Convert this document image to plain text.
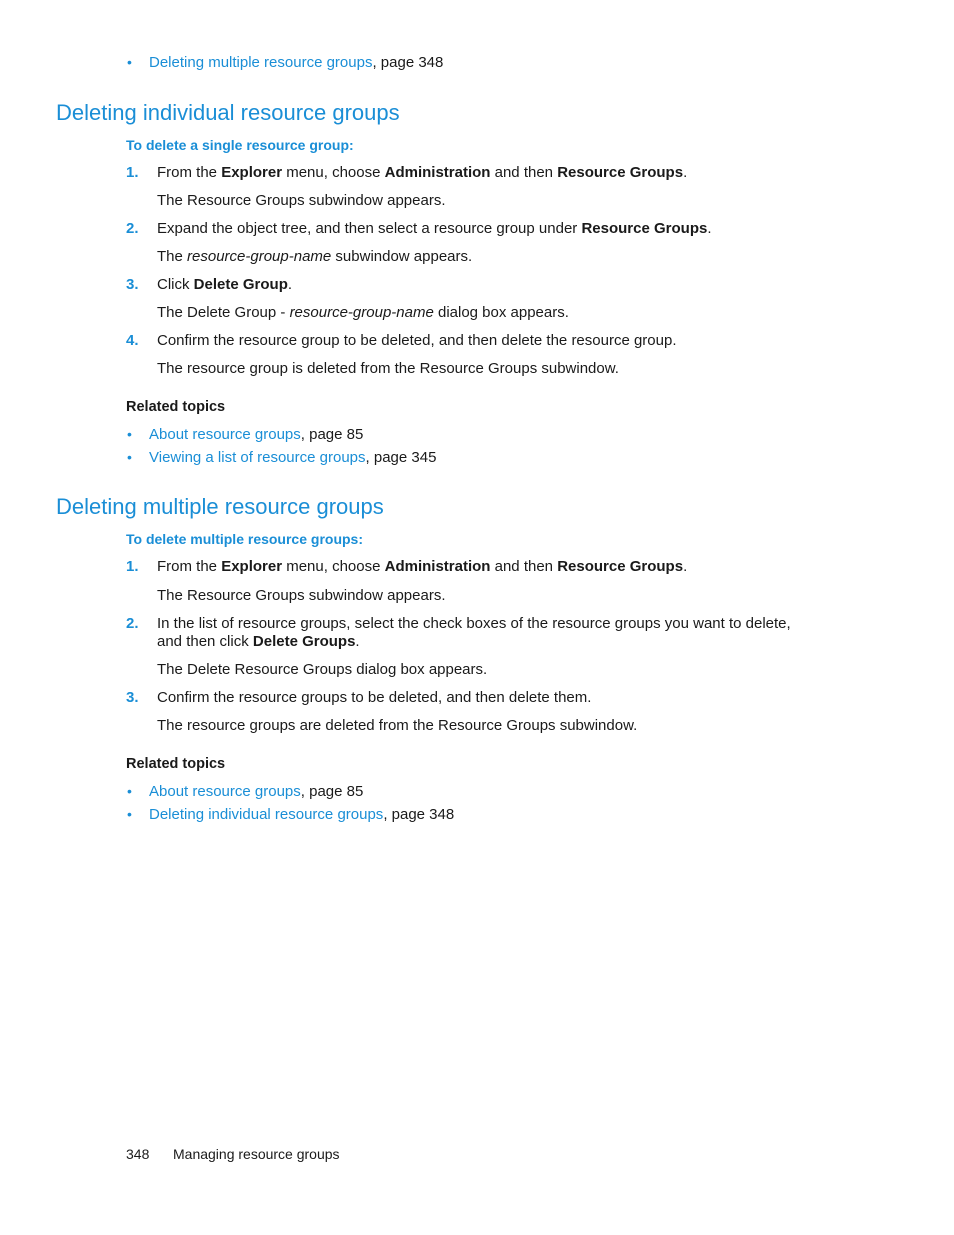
• Deleting multiple resource groups, page 348
Deleting individual resource groups
To delete a single resource group:
1. From the Explorer menu, choose Administration and then Resource Groups.
The Resource Groups subwindow appears.
2. Expand the object tree, and then select a resource group under Resource Groups.
The resource-group-name subwindow appears.
3. Click Delete Group.
The Delete Group - resource-group-name dialog box appears.
4. Confirm the resource group to be deleted, and then delete the resource group.
The resource group is deleted from the Resource Groups subwindow.
Related topics
• About resource groups, page 85
• Viewing a list of resource groups, page 345
Deleting multiple resource groups
To delete multiple resource groups:
1. From the Explorer menu, choose Administration and then Resource Groups.
The Resource Groups subwindow appears.
2. In the list of resource groups, select the check boxes of the resource groups you want to delete,
and then click Delete Groups.
The Delete Resource Groups dialog box appears.
3. Confirm the resource groups to be deleted, and then delete them.
The resource groups are deleted from the Resource Groups subwindow.
Related topics
• About resource groups, page 85
• Deleting individual resource groups, page 348
348 Managing resource groups
